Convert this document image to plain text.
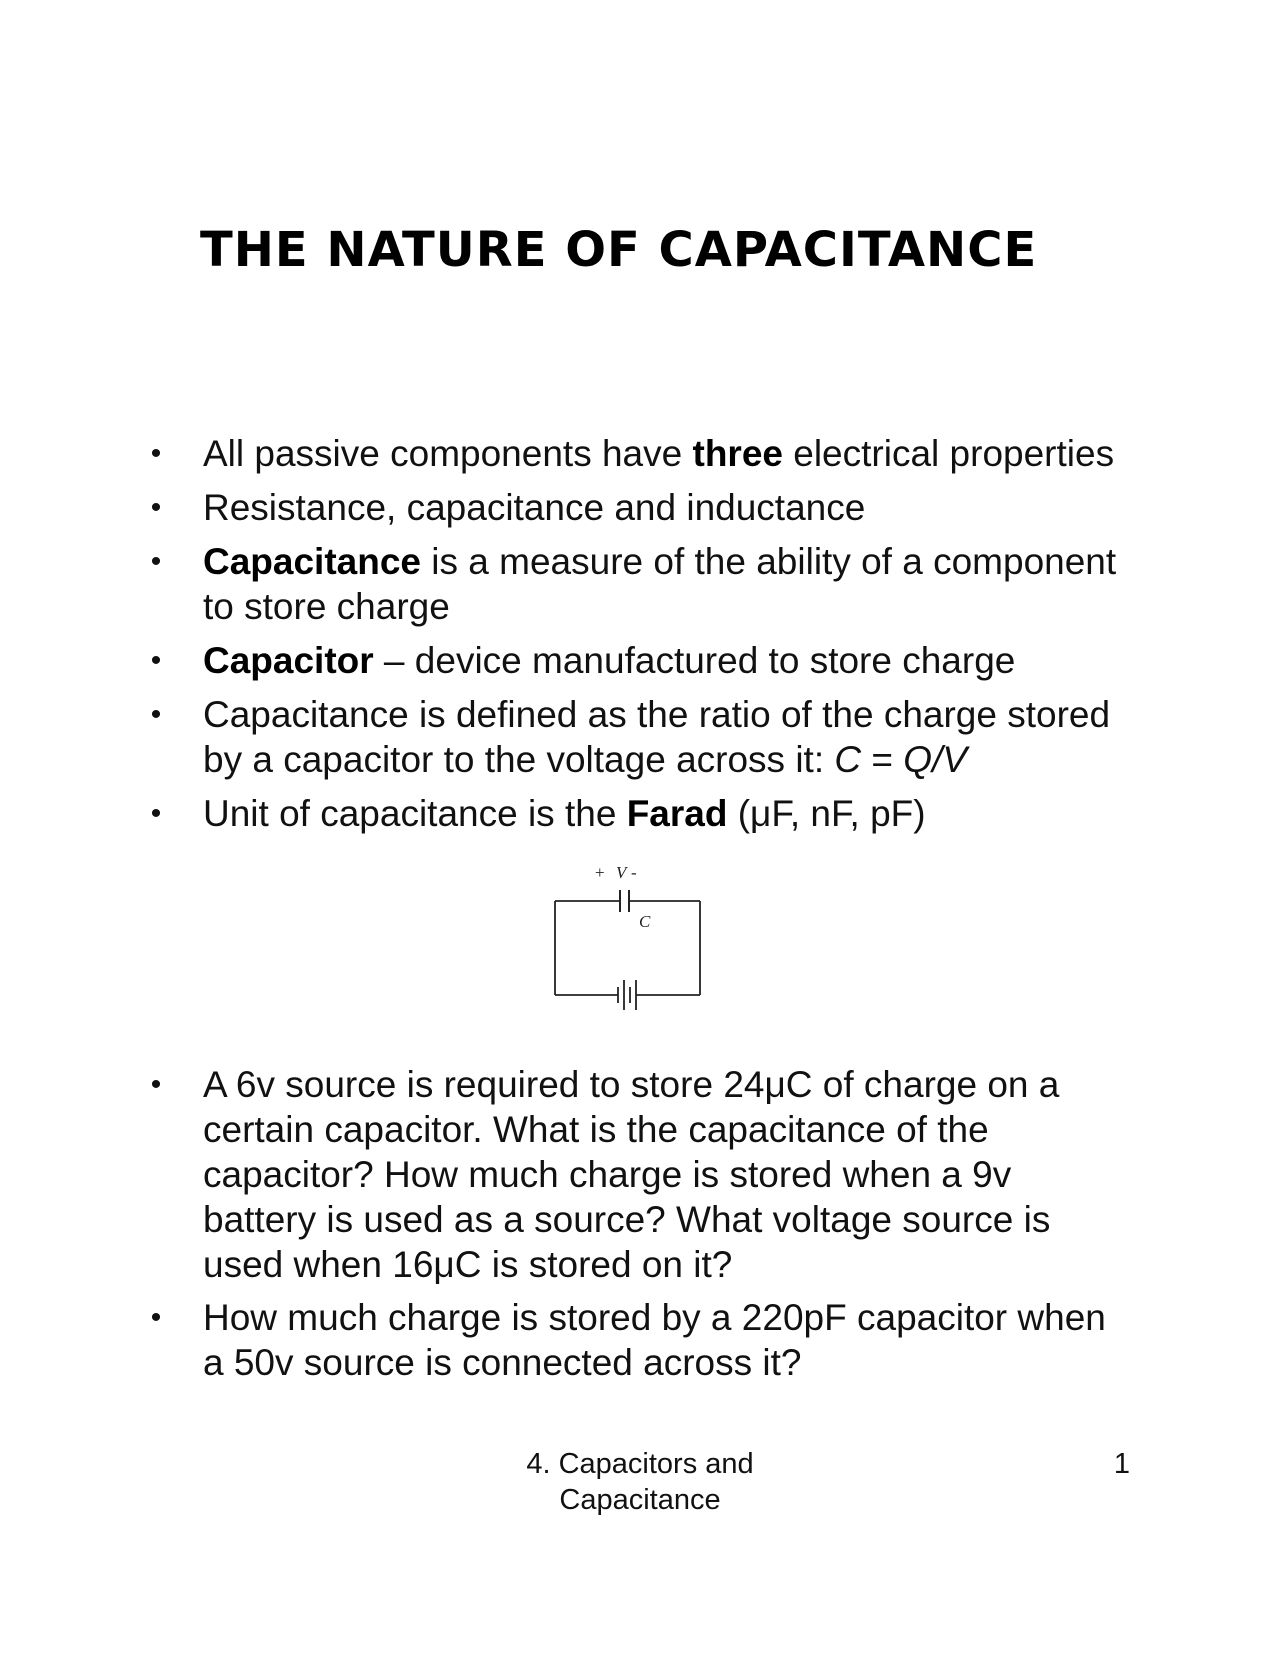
THE NATURE OF CAPACITANCE
• All passive components have three electrical properties
• Resistance, capacitance and inductance
• Capacitance is a measure of the ability of a component
to store charge
• Capacitor – device manufactured to store charge
• Capacitance is defined as the ratio of the charge stored
by a capacitor to the voltage across it: C = Q/V
• Unit of capacitance is the Farad (μF, nF, pF)
• A 6v source is required to store 24μC of charge on a
certain capacitor. What is the capacitance of the
capacitor? How much charge is stored when a 9v
battery is used as a source? What voltage source is
used when 16μC is stored on it?
• How much charge is stored by a 220pF capacitor when
a 50v source is connected across it?
+ V -
C
4. Capacitors and
Capacitance
1
